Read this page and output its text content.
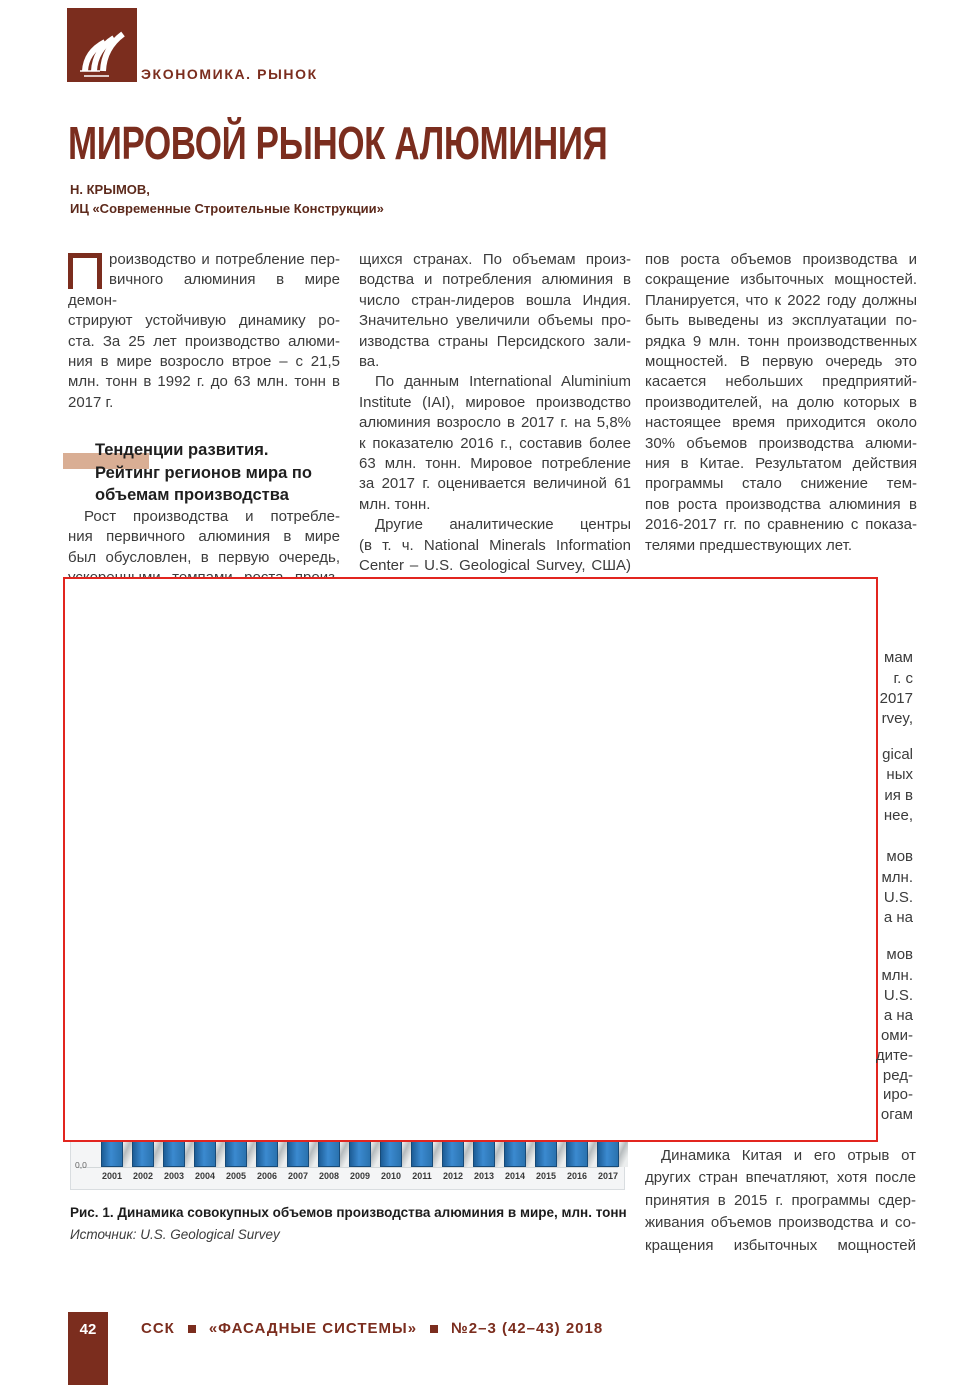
ЭКОНОМИКА. РЫНОК
МИРОВОЙ РЫНОК АЛЮМИНИЯ
Н. КРЫМОВ,
ИЦ «Современные Строительные Конструкции»
роизводство и потребление пер-
вичного алюминия в мире демон-
стрируют устойчивую динамику ро-
ста. За 25 лет производство алюми-
ния в мире возросло втрое – с 21,5
млн. тонн в 1992 г. до 63 млн. тонн в
2017 г.
Тенденции развития.
Рейтинг регионов мира по
объемам производства
Рост производства и потребле-
ния первичного алюминия в мире
был обусловлен, в первую очередь,
щихся странах. По объемам произ-
водства и потребления алюминия в
число стран-лидеров вошла Индия.
Значительно увеличили объемы про-
изводства страны Персидского зали-
ва.
По данным International Aluminium
Institute (IAI), мировое производство
алюминия возросло в 2017 г. на 5,8%
к показателю 2016 г., составив более
63 млн. тонн. Мировое потребление
за 2017 г. оценивается величиной 61
млн. тонн.
Другие аналитические центры
(в т. ч. National Minerals Information
Center – U.S. Geological Survey, США)
пов роста объемов производства и
сокращение избыточных мощностей.
Планируется, что к 2022 году должны
быть выведены из эксплуатации по-
рядка 9 млн. тонн производственных
мощностей. В первую очередь это
касается небольших предприятий-
производителей, на долю которых в
настоящее время приходится около
30% объемов производства алюми-
ния в Китае. Результатом действия
программы стало снижение тем-
пов роста производства алюминия в
2016-2017 гг. по сравнению с показа-
телями предшествующих лет.
0,0
2001	2002	2003	2004	2005	2006	2007	2008	2009	2010	2011	2012	2013	2014	2015	2016	2017
мам
г. с
2017
rvey,
gical
ных
ия в
нее,
мов
млн.
U.S.
а на
мов
млн.
U.S.
а на
оми-
дите-
ред-
иро-
огам
Рис. 1. Динамика совокупных объемов производства алюминия в мире, млн. тонн
Источник: U.S. Geological Survey
Динамика Китая и его отрыв от
других стран впечатляют, хотя после
принятия в 2015 г. программы сдер-
живания объемов производства и со-
кращения избыточных мощностей
42	ССК «ФАСАДНЫЕ СИСТЕМЫ» №2–3 (42–43) 2018
